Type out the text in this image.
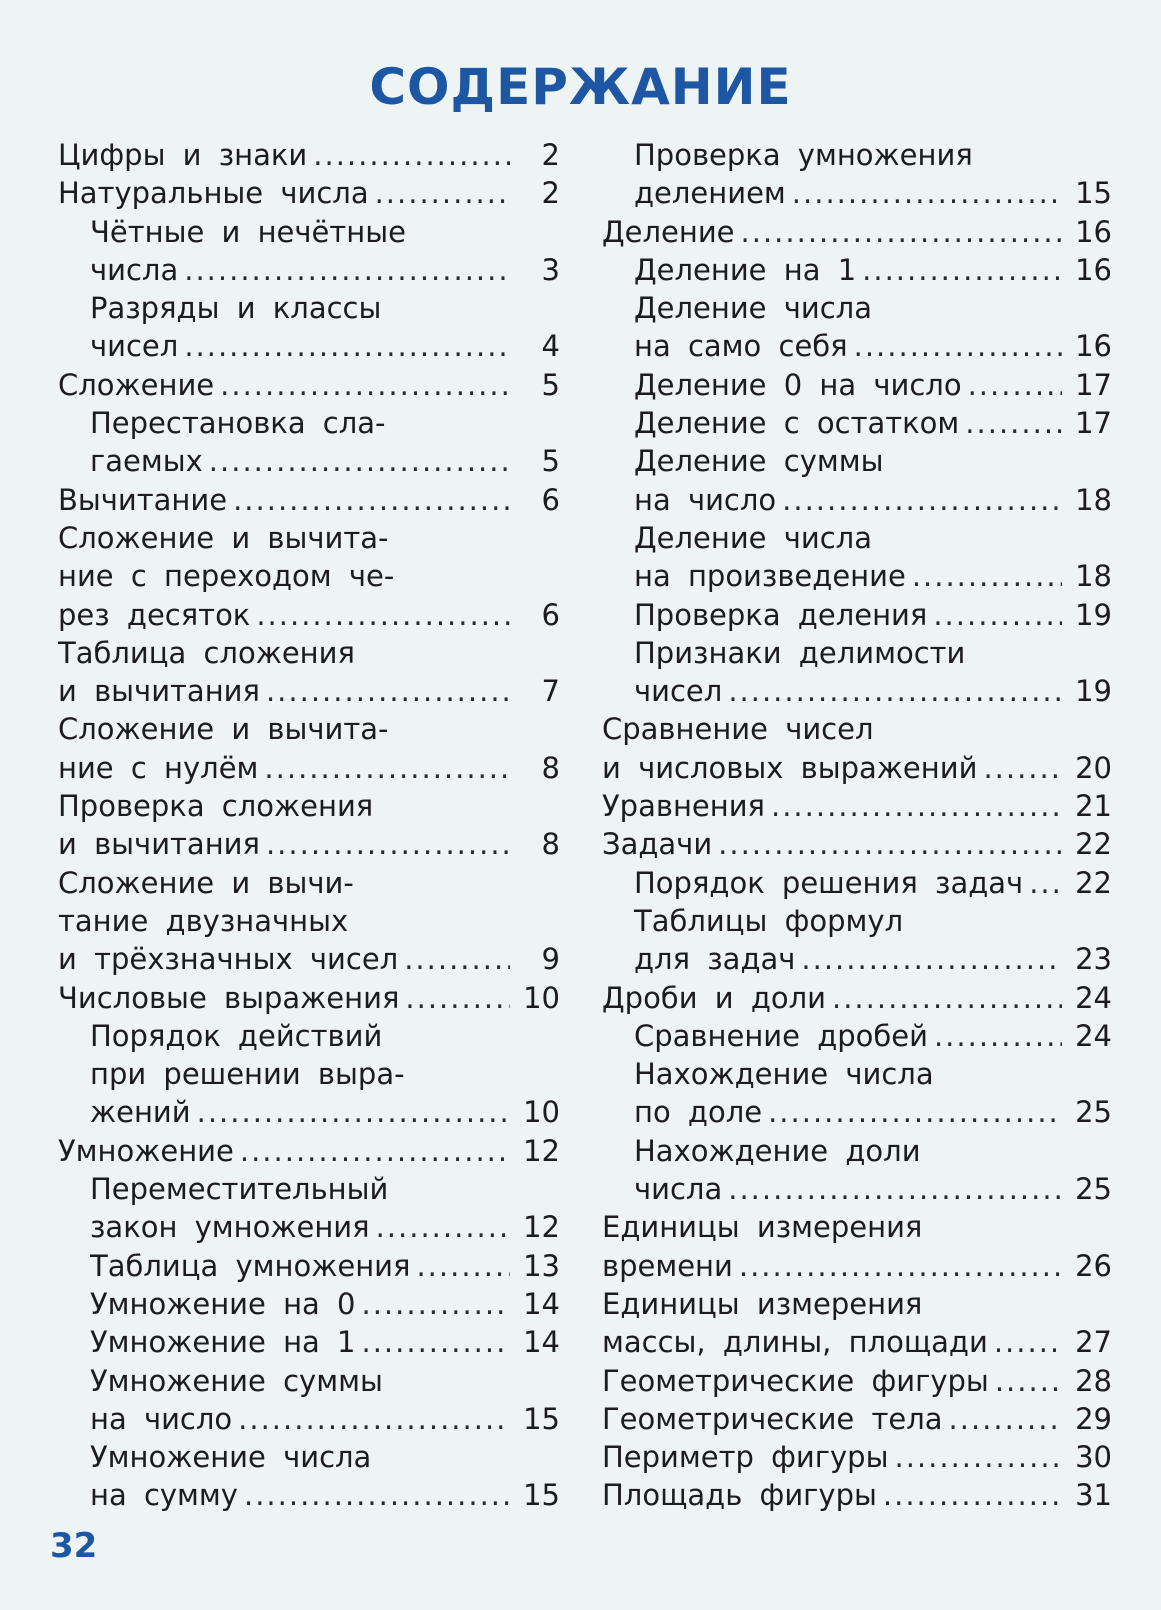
СОДЕРЖАНИЕ
Цифры и знаки .....	2
Натуральные числа .....	2
Чётные и нечётные
числа .....	3
Разряды и классы
чисел .....	4
Сложение .....	5
Перестановка сла-
гаемых .....	5
Вычитание .....	6
Сложение и вычита-
ние с переходом че-
рез десяток .....	6
Таблица сложения
и вычитания .....	7
Сложение и вычита-
ние с нулём .....	8
Проверка сложения
и вычитания .....	8
Сложение и вычи-
тание двузначных
и трёхзначных чисел .....	9
Числовые выражения .....	10
Порядок действий
при решении выра-
жений .....	10
Умножение .....	12
Переместительный
закон умножения .....	12
Таблица умножения .....	13
Умножение на 0 .....	14
Умножение на 1 .....	14
Умножение суммы
на число .....	15
Умножение числа
на сумму .....	15
Проверка умножения
делением .....	15
Деление .....	16
Деление на 1 .....	16
Деление числа
на само себя .....	16
Деление 0 на число .....	17
Деление с остатком .....	17
Деление суммы
на число .....	18
Деление числа
на произведение .....	18
Проверка деления .....	19
Признаки делимости
чисел .....	19
Сравнение чисел
и числовых выражений .....	20
Уравнения .....	21
Задачи .....	22
Порядок решения задач ..... 22
Таблицы формул
для задач .....	23
Дроби и доли .....	24
Сравнение дробей .....	24
Нахождение числа
по доле .....	25
Нахождение доли
числа .....	25
Единицы измерения
времени .....	26
Единицы измерения
массы, длины, площади .....	27
Геометрические фигуры .....	28
Геометрические тела .....	29
Периметр фигуры .....	30
Площадь фигуры .....	31
32
